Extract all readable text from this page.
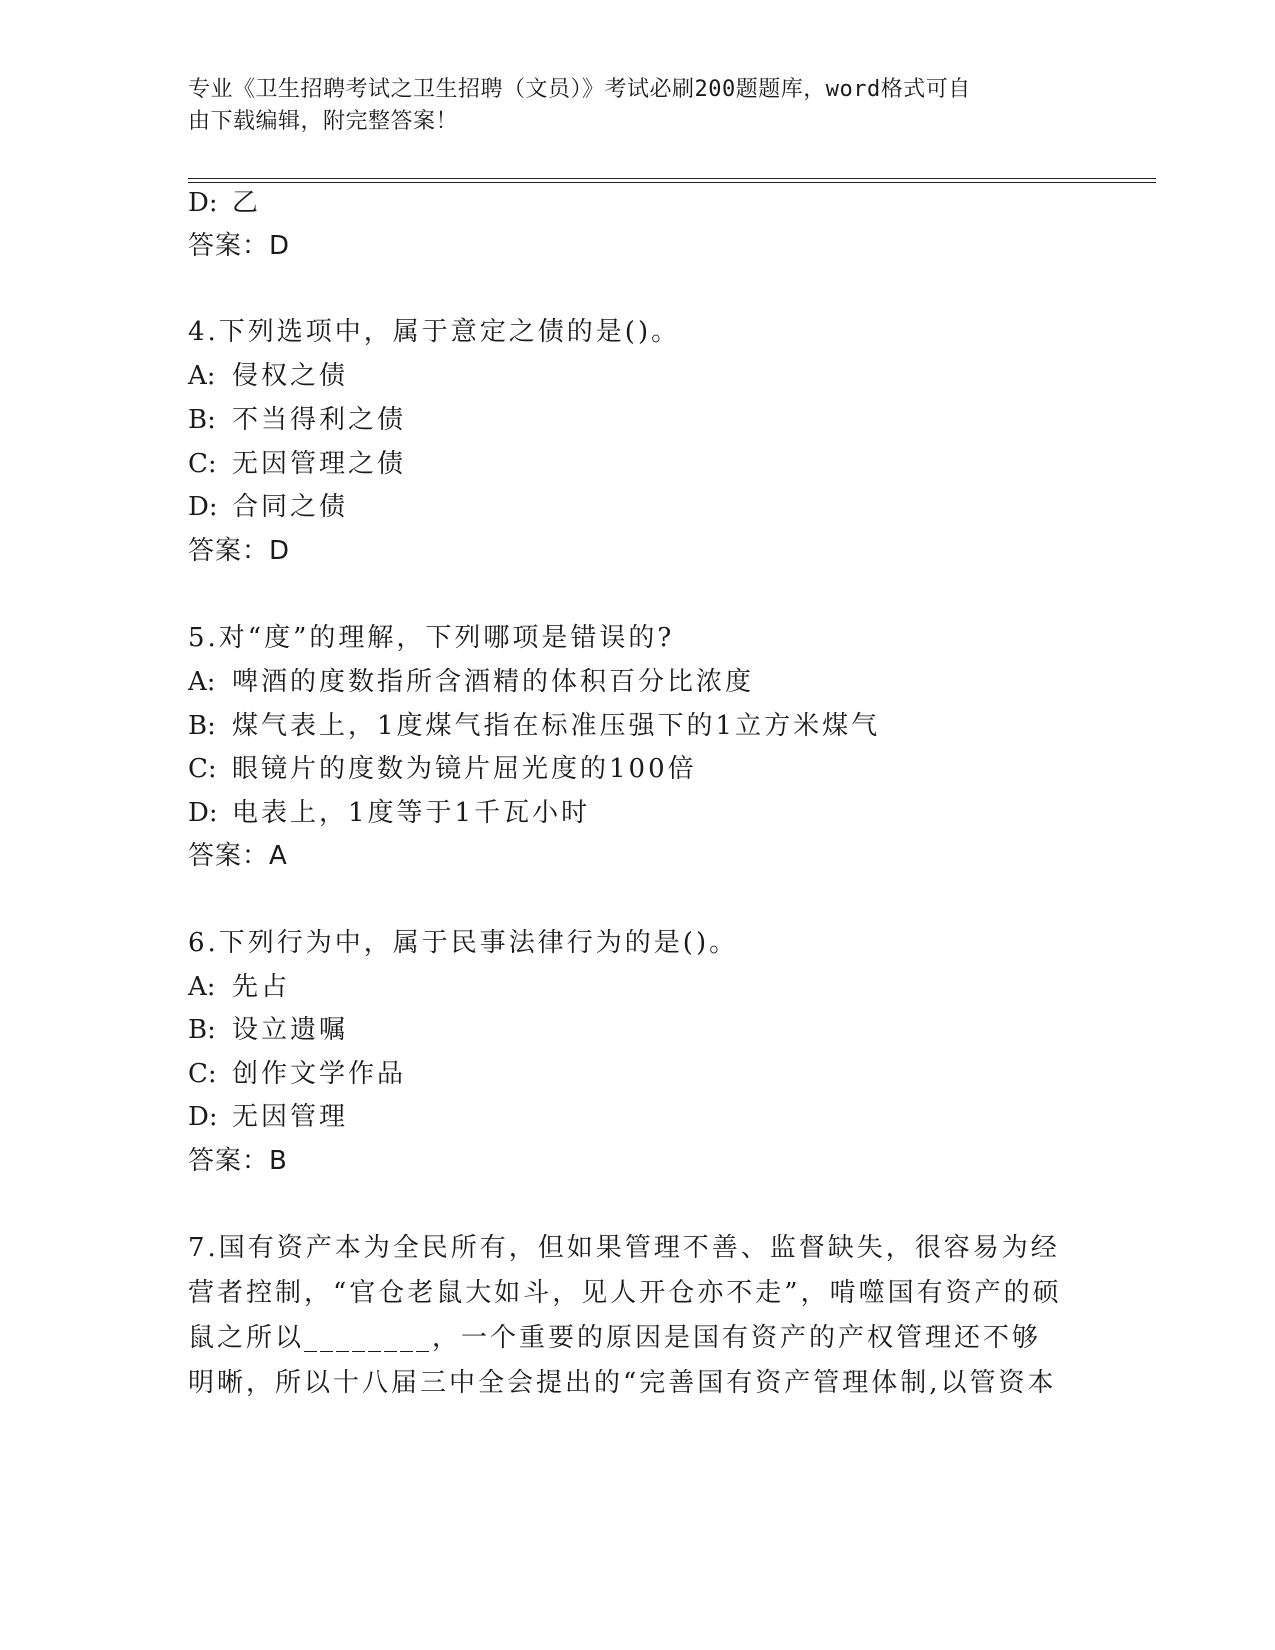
专业《卫生招聘考试之卫生招聘（文员）》考试必刷200题题库，word格式可自
由下载编辑，附完整答案！
D: 乙
答案：D
4.下列选项中，属于意定之债的是()。
A: 侵权之债
B: 不当得利之债
C: 无因管理之债
D: 合同之债
答案：D
5.对“度”的理解，下列哪项是错误的?
A: 啤酒的度数指所含酒精的体积百分比浓度
B: 煤气表上，1度煤气指在标准压强下的1立方米煤气
C: 眼镜片的度数为镜片屈光度的100倍
D: 电表上，1度等于1千瓦小时
答案：A
6.下列行为中，属于民事法律行为的是()。
A: 先占
B: 设立遗嘱
C: 创作文学作品
D: 无因管理
答案：B
7.国有资产本为全民所有，但如果管理不善、监督缺失，很容易为经营者控制，“官仓老鼠大如斗，见人开仓亦不走”，啃噬国有资产的硕鼠之所以________，一个重要的原因是国有资产的产权管理还不够明晰，所以十八届三中全会提出的“完善国有资产管理体制,以管资本
